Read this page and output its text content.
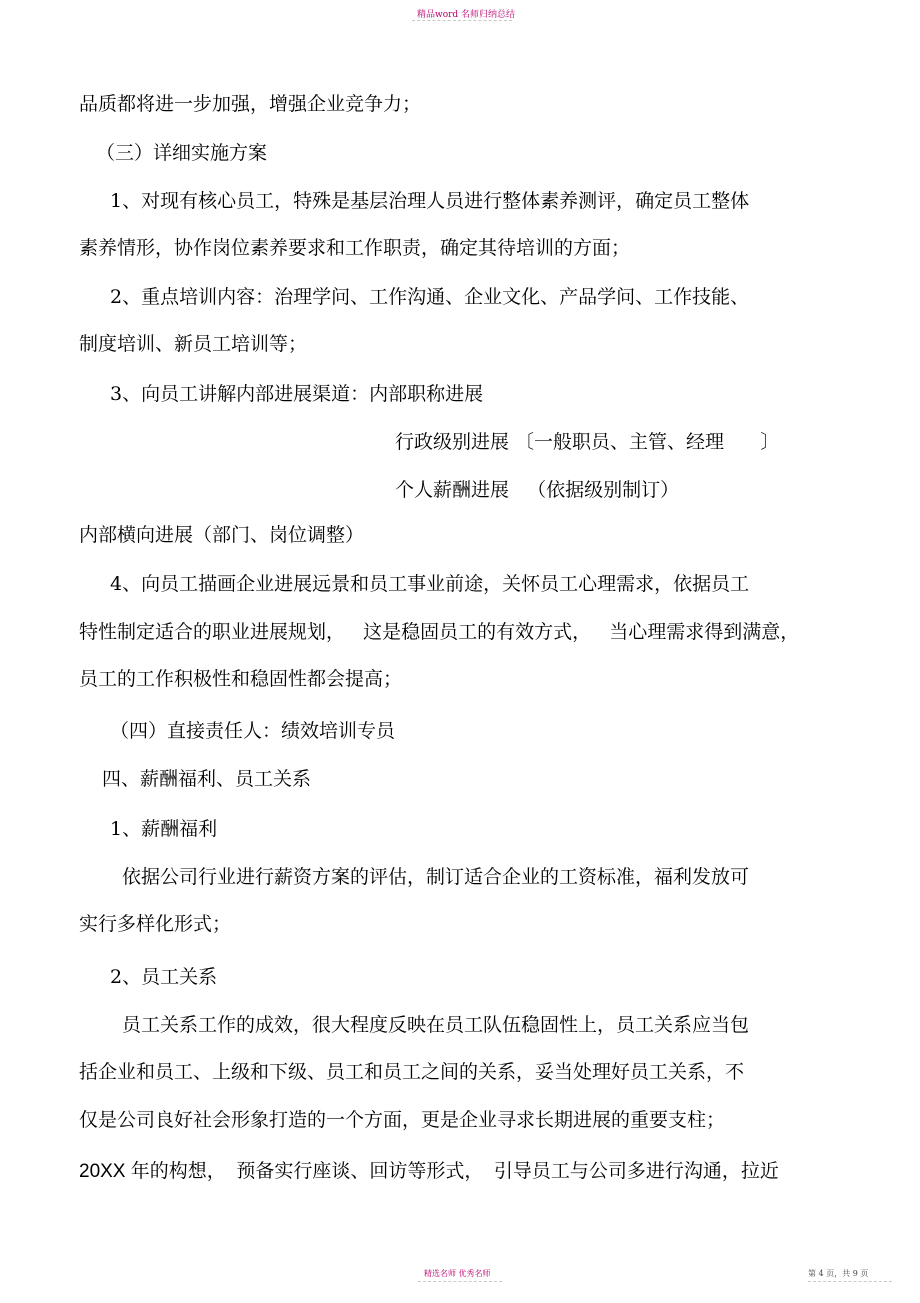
精品word 名师归纳总结
品质都将进一步加强，增强企业竞争力；
（三）详细实施方案
1、对现有核心员工，特殊是基层治理人员进行整体素养测评，确定员工整体
素养情形，协作岗位素养要求和工作职责，确定其待培训的方面；
2、重点培训内容：治理学问、工作沟通、企业文化、产品学问、工作技能、
制度培训、新员工培训等；
3、向员工讲解内部进展渠道：内部职称进展
行政级别进展 〔一般职员、主管、经理      〕
个人薪酬进展   （依据级别制订）
内部横向进展（部门、岗位调整）
4、向员工描画企业进展远景和员工事业前途，关怀员工心理需求，依据员工
特性制定适合的职业进展规划，   这是稳固员工的有效方式，   当心理需求得到满意，
员工的工作积极性和稳固性都会提高；
（四）直接责任人：绩效培训专员
四、薪酬福利、员工关系
1、薪酬福利
依据公司行业进行薪资方案的评估，制订适合企业的工资标准，福利发放可
实行多样化形式；
2、员工关系
员工关系工作的成效，很大程度反映在员工队伍稳固性上，员工关系应当包
括企业和员工、上级和下级、员工和员工之间的关系，妥当处理好员工关系，不
仅是公司良好社会形象打造的一个方面，更是企业寻求长期进展的重要支柱；
20XX 年的构想，  预备实行座谈、回访等形式，  引导员工与公司多进行沟通，拉近
精选名师 优秀名师	第 4 页，共 9 页
